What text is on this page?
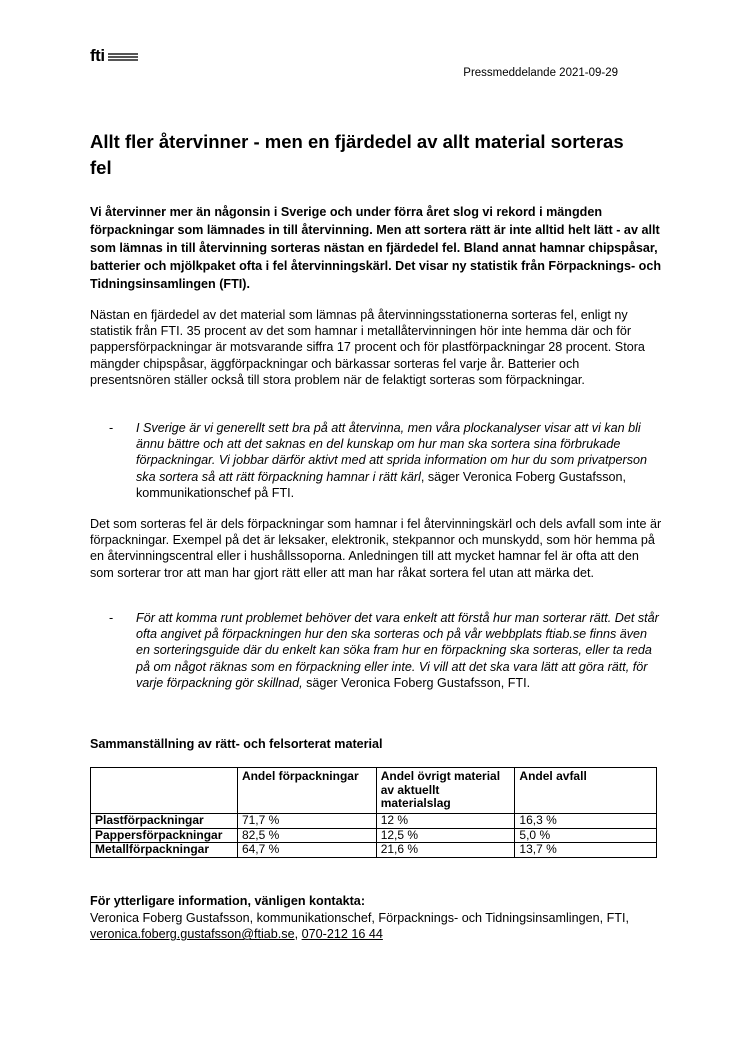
fti
Pressmeddelande 2021-09-29
Allt fler återvinner - men en fjärdedel av allt material sorteras fel

Vi återvinner mer än någonsin i Sverige och under förra året slog vi rekord i mängden förpackningar som lämnades in till återvinning. Men att sortera rätt är inte alltid helt lätt - av allt som lämnas in till återvinning sorteras nästan en fjärdedel fel. Bland annat hamnar chipspåsar, batterier och mjölkpaket ofta i fel återvinningskärl. Det visar ny statistik från Förpacknings- och Tidningsinsamlingen (FTI).

Nästan en fjärdedel av det material som lämnas på återvinningsstationerna sorteras fel, enligt ny statistik från FTI. 35 procent av det som hamnar i metallåtervinningen hör inte hemma där och för pappersförpackningar är motsvarande siffra 17 procent och för plastförpackningar 28 procent. Stora mängder chipspåsar, äggförpackningar och bärkassar sorteras fel varje år. Batterier och presentsnören ställer också till stora problem när de felaktigt sorteras som förpackningar.

-	I Sverige är vi generellt sett bra på att återvinna, men våra plockanalyser visar att vi kan bli ännu bättre och att det saknas en del kunskap om hur man ska sortera sina förbrukade förpackningar. Vi jobbar därför aktivt med att sprida information om hur du som privatperson ska sortera så att rätt förpackning hamnar i rätt kärl, säger Veronica Foberg Gustafsson, kommunikationschef på FTI.

Det som sorteras fel är dels förpackningar som hamnar i fel återvinningskärl och dels avfall som inte är förpackningar. Exempel på det är leksaker, elektronik, stekpannor och munskydd, som hör hemma på en återvinningscentral eller i hushållssoporna. Anledningen till att mycket hamnar fel är ofta att den som sorterar tror att man har gjort rätt eller att man har råkat sortera fel utan att märka det.

-	För att komma runt problemet behöver det vara enkelt att förstå hur man sorterar rätt. Det står ofta angivet på förpackningen hur den ska sorteras och på vår webbplats ftiab.se finns även en sorteringsguide där du enkelt kan söka fram hur en förpackning ska sorteras, eller ta reda på om något räknas som en förpackning eller inte. Vi vill att det ska vara lätt att göra rätt, för varje förpackning gör skillnad, säger Veronica Foberg Gustafsson, FTI.
Sammanställning av rätt- och felsorterat material
	Andel förpackningar	Andel övrigt material av aktuellt materialslag	Andel avfall
Plastförpackningar	71,7 %	12 %	16,3 %
Pappersförpackningar	82,5 %	12,5 %	5,0 %
Metallförpackningar	64,7 %	21,6 %	13,7 %
För ytterligare information, vänligen kontakta:

Veronica Foberg Gustafsson, kommunikationschef, Förpacknings- och Tidningsinsamlingen, FTI, veronica.foberg.gustafsson@ftiab.se, 070-212 16 44
